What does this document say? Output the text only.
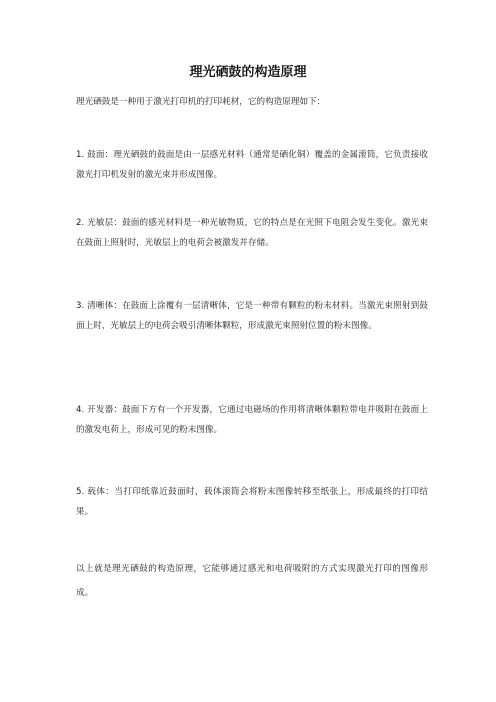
理光硒鼓的构造原理

理光硒鼓是一种用于激光打印机的打印耗材，它的构造原理如下：

1. 鼓面：理光硒鼓的鼓面是由一层感光材料（通常是硒化铜）覆盖的金属滚筒，它负责接收激光打印机发射的激光束并形成图像。

2. 光敏层：鼓面的感光材料是一种光敏物质，它的特点是在光照下电阻会发生变化。激光束在鼓面上照射时，光敏层上的电荷会被激发并存储。

3. 清晰体：在鼓面上涂覆有一层清晰体，它是一种带有颗粒的粉末材料。当激光束照射到鼓面上时，光敏层上的电荷会吸引清晰体颗粒，形成激光束照射位置的粉末图像。

4. 开发器：鼓面下方有一个开发器，它通过电磁场的作用将清晰体颗粒带电并吸附在鼓面上的激发电荷上，形成可见的粉末图像。

5. 载体：当打印纸靠近鼓面时，载体滚筒会将粉末图像转移至纸张上，形成最终的打印结果。

以上就是理光硒鼓的构造原理，它能够通过感光和电荷吸附的方式实现激光打印的图像形成。
